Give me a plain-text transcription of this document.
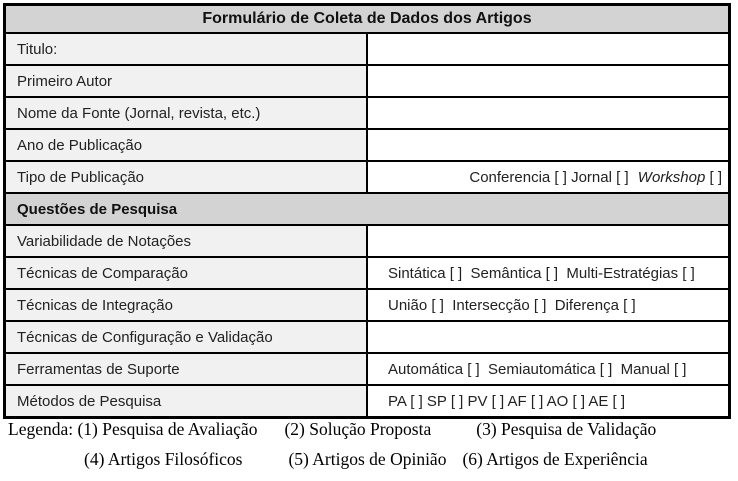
Formulário de Coleta de Dados dos Artigos	
Titulo:	
Primeiro Autor	
Nome da Fonte (Jornal, revista, etc.)	
Ano de Publicação	
Tipo de Publicação	Conferencia [ ] Jornal [ ] Workshop [ ]
Questões de Pesquisa	
Variabilidade de Notações	
Técnicas de Comparação	Sintática [ ]  Semântica [ ]  Multi-Estratégias [ ]
Técnicas de Integração	União [ ]  Intersecção [ ]  Diferença [ ]
Técnicas de Configuração e Validação	
Ferramentas de Suporte	Automática [ ]  Semiautomática [ ]  Manual [ ]
Métodos de Pesquisa	PA [ ] SP [ ] PV [ ] AF [ ] AO [ ] AE [ ]
Legenda: (1) Pesquisa de Avaliação (2) Solução Proposta	(3) Pesquisa de Validação
(4) Artigos Filosóficos	(5) Artigos de Opinião (6) Artigos de Experiência
